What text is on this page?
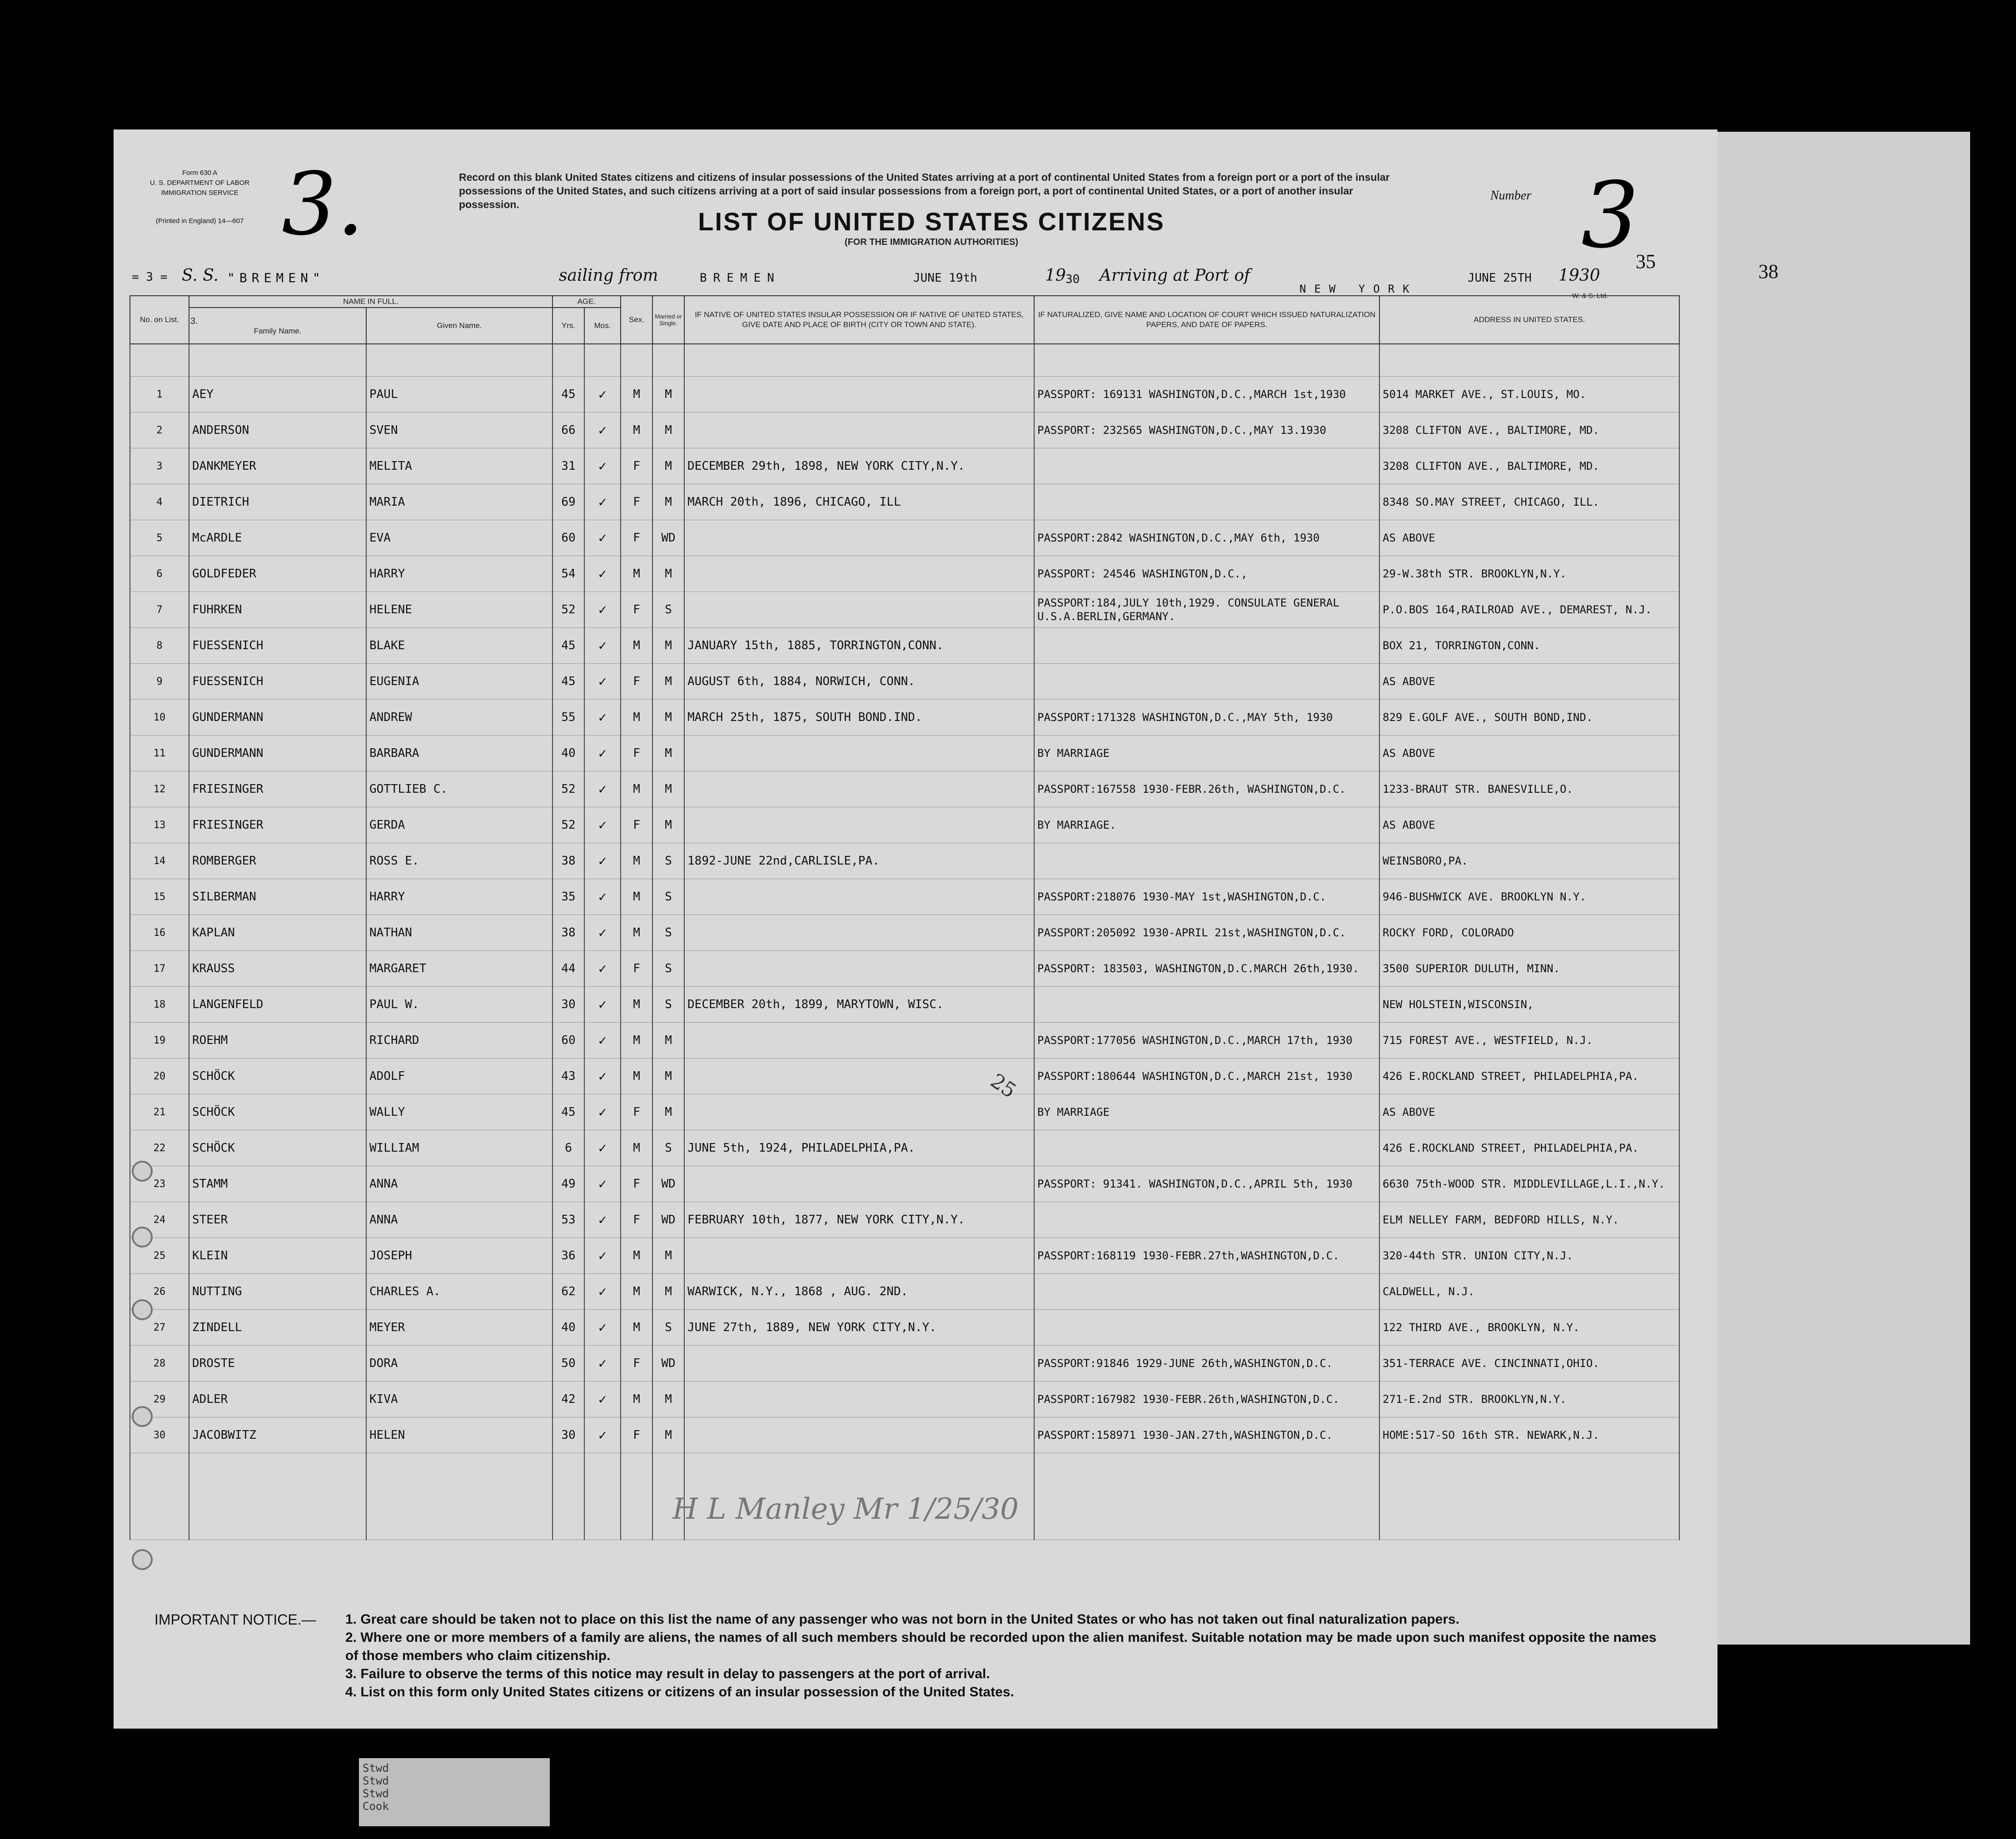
Form 630 A
U. S. DEPARTMENT OF LABOR
IMMIGRATION SERVICE
(Printed in England) 14—607 3.	Record on this blank United States citizens and citizens of insular possessions of the United States arriving at a port of continental United States from a foreign port or a port of the insular possessions of the United States, and such citizens arriving at a port of said insular possessions from a foreign port, a port of continental United States, or a port of another insular possession.
LIST OF UNITED STATES CITIZENS
(FOR THE IMMIGRATION AUTHORITIES)
Number 3
35	38
= 3 = S. S. "BREMEN"	sailing from	BREMEN	JUNE 19th	19 30 Arriving at Port of
NEW YORK
JUNE 25TH 1930
W. & S. Ltd.
No. on List.	NAME IN FULL.		AGE.		Sex.	Married or Single.	IF NATIVE OF UNITED STATES INSULAR POSSESSION OR IF NATIVE OF UNITED STATES, GIVE DATE AND PLACE OF BIRTH (CITY OR TOWN AND STATE).	IF NATURALIZED, GIVE NAME AND LOCATION OF COURT WHICH ISSUED NATURALIZATION PAPERS, AND DATE OF PAPERS.	ADDRESS IN UNITED STATES.

	3.
Family Name.	Given Name.	Yrs.	Mos.					

1	AEY	PAUL	45	✓	M	M		PASSPORT: 169131 WASHINGTON,D.C.,MARCH 1st,1930	5014 MARKET AVE., ST.LOUIS, MO.
2	ANDERSON	SVEN	66	✓	M	M		PASSPORT: 232565 WASHINGTON,D.C.,MAY 13.1930	3208 CLIFTON AVE., BALTIMORE, MD.
3	DANKMEYER	MELITA	31	✓	F	M	DECEMBER 29th, 1898, NEW YORK CITY,N.Y.		3208 CLIFTON AVE., BALTIMORE, MD.
4	DIETRICH	MARIA	69	✓	F	M	MARCH 20th, 1896, CHICAGO, ILL		8348 SO.MAY STREET, CHICAGO, ILL.
5	McARDLE	EVA	60	✓	F	WD		PASSPORT:2842 WASHINGTON,D.C.,MAY 6th, 1930	AS ABOVE
6	GOLDFEDER	HARRY	54	✓	M	M		PASSPORT: 24546 WASHINGTON,D.C.,	29-W.38th STR. BROOKLYN,N.Y.
7	FUHRKEN	HELENE	52	✓	F	S		PASSPORT:184,JULY 10th,1929. CONSULATE GENERAL U.S.A.BERLIN,GERMANY.	P.O.BOS 164,RAILROAD AVE., DEMAREST, N.J.
8	FUESSENICH	BLAKE	45	✓	M	M	JANUARY 15th, 1885, TORRINGTON,CONN.		BOX 21, TORRINGTON,CONN.
9	FUESSENICH	EUGENIA	45	✓	F	M	AUGUST 6th, 1884, NORWICH, CONN.		AS ABOVE
10	GUNDERMANN	ANDREW	55	✓	M	M	MARCH 25th, 1875, SOUTH BOND.IND.	PASSPORT:171328 WASHINGTON,D.C.,MAY 5th, 1930	829 E.GOLF AVE., SOUTH BOND,IND.
11	GUNDERMANN	BARBARA	40	✓	F	M		BY MARRIAGE	AS ABOVE
12	FRIESINGER	GOTTLIEB C.	52	✓	M	M		PASSPORT:167558 1930-FEBR.26th, WASHINGTON,D.C.	1233-BRAUT STR. BANESVILLE,O.
13	FRIESINGER	GERDA	52	✓	F	M		BY MARRIAGE.	AS ABOVE
14	ROMBERGER	ROSS E.	38	✓	M	S	1892-JUNE 22nd,CARLISLE,PA.		WEINSBORO,PA.
15	SILBERMAN	HARRY	35	✓	M	S		PASSPORT:218076 1930-MAY 1st,WASHINGTON,D.C.	946-BUSHWICK AVE. BROOKLYN N.Y.
16	KAPLAN	NATHAN	38	✓	M	S		PASSPORT:205092 1930-APRIL 21st,WASHINGTON,D.C.	ROCKY FORD, COLORADO
17	KRAUSS	MARGARET	44	✓	F	S		PASSPORT: 183503, WASHINGTON,D.C.MARCH 26th,1930.	3500 SUPERIOR DULUTH, MINN.
18	LANGENFELD	PAUL W.	30	✓	M	S	DECEMBER 20th, 1899, MARYTOWN, WISC.		NEW HOLSTEIN,WISCONSIN,
19	ROEHM	RICHARD	60	✓	M	M		PASSPORT:177056 WASHINGTON,D.C.,MARCH 17th, 1930	715 FOREST AVE., WESTFIELD, N.J.
20	SCHÖCK	ADOLF	43	✓	M	M		PASSPORT:180644 WASHINGTON,D.C.,MARCH 21st, 1930	426 E.ROCKLAND STREET, PHILADELPHIA,PA.
21	SCHÖCK	WALLY	45	✓	F	M		BY MARRIAGE	AS ABOVE
22	SCHÖCK	WILLIAM	6	✓	M	S	JUNE 5th, 1924, PHILADELPHIA,PA.		426 E.ROCKLAND STREET, PHILADELPHIA,PA.
23	STAMM	ANNA	49	✓	F	WD		PASSPORT: 91341. WASHINGTON,D.C.,APRIL 5th, 1930	6630 75th-WOOD STR. MIDDLEVILLAGE,L.I.,N.Y.
24	STEER	ANNA	53	✓	F	WD	FEBRUARY 10th, 1877, NEW YORK CITY,N.Y.		ELM NELLEY FARM, BEDFORD HILLS, N.Y.
25	KLEIN	JOSEPH	36	✓	M	M		PASSPORT:168119 1930-FEBR.27th,WASHINGTON,D.C.	320-44th STR. UNION CITY,N.J.
26	NUTTING	CHARLES A.	62	✓	M	M	WARWICK, N.Y., 1868 , AUG. 2ND.		CALDWELL, N.J.
27	ZINDELL	MEYER	40	✓	M	S	JUNE 27th, 1889, NEW YORK CITY,N.Y.		122 THIRD AVE., BROOKLYN, N.Y.
28	DROSTE	DORA	50	✓	F	WD		PASSPORT:91846 1929-JUNE 26th,WASHINGTON,D.C.	351-TERRACE AVE. CINCINNATI,OHIO.
29	ADLER	KIVA	42	✓	M	M		PASSPORT:167982 1930-FEBR.26th,WASHINGTON,D.C.	271-E.2nd STR. BROOKLYN,N.Y.
30	JACOBWITZ	HELEN	30	✓	F	M		PASSPORT:158971 1930-JAN.27th,WASHINGTON,D.C.	HOME:517-SO 16th STR. NEWARK,N.J.

25
H L Manley Mr 1/25/30
IMPORTANT NOTICE.— 1. Great care should be taken not to place on this list the name of any passenger who was not born in the United States or who has not taken out final naturalization papers.
2. Where one or more members of a family are aliens, the names of all such members should be recorded upon the alien manifest. Suitable notation may be made upon such manifest opposite the names of those members who claim citizenship.
3. Failure to observe the terms of this notice may result in delay to passengers at the port of arrival.
4. List on this form only United States citizens or citizens of an insular possession of the United States.
Stwd
Stwd
Stwd
Cook
